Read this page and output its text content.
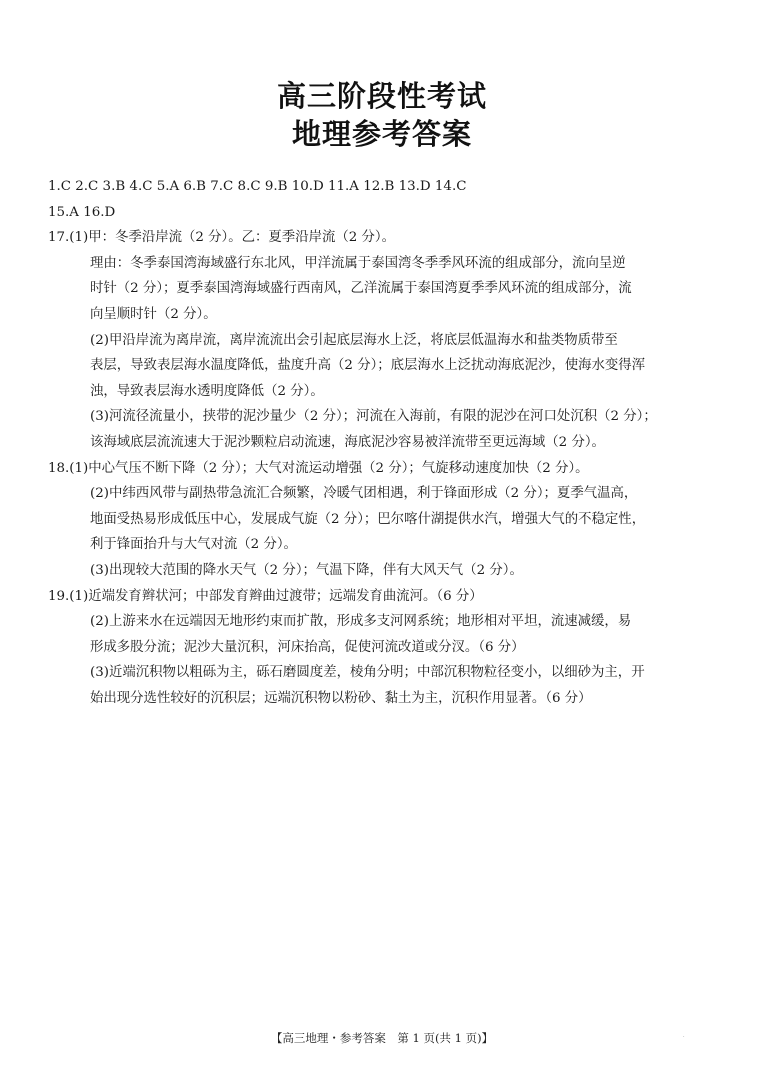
高三阶段性考试
地理参考答案
1.C 2.C 3.B 4.C 5.A 6.B 7.C 8.C 9.B 10.D 11.A 12.B 13.D 14.C
15.A 16.D
17.(1)甲：冬季沿岸流（2 分）。乙：夏季沿岸流（2 分）。
理由：冬季泰国湾海域盛行东北风，甲洋流属于泰国湾冬季季风环流的组成部分，流向呈逆
时针（2 分）；夏季泰国湾海域盛行西南风，乙洋流属于泰国湾夏季季风环流的组成部分，流
向呈顺时针（2 分）。
(2)甲沿岸流为离岸流，离岸流流出会引起底层海水上泛，将底层低温海水和盐类物质带至
表层，导致表层海水温度降低，盐度升高（2 分）；底层海水上泛扰动海底泥沙，使海水变得浑
浊，导致表层海水透明度降低（2 分）。
(3)河流径流量小，挟带的泥沙量少（2 分）；河流在入海前，有限的泥沙在河口处沉积（2 分）；
该海域底层流流速大于泥沙颗粒启动流速，海底泥沙容易被洋流带至更远海域（2 分）。
18.(1)中心气压不断下降（2 分）；大气对流运动增强（2 分）；气旋移动速度加快（2 分）。
(2)中纬西风带与副热带急流汇合频繁，冷暖气团相遇，利于锋面形成（2 分）；夏季气温高，
地面受热易形成低压中心，发展成气旋（2 分）；巴尔喀什湖提供水汽，增强大气的不稳定性，
利于锋面抬升与大气对流（2 分）。
(3)出现较大范围的降水天气（2 分）；气温下降，伴有大风天气（2 分）。
19.(1)近端发育辫状河；中部发育辫曲过渡带；远端发育曲流河。（6 分）
(2)上游来水在远端因无地形约束而扩散，形成多支河网系统；地形相对平坦，流速减缓，易
形成多股分流；泥沙大量沉积，河床抬高，促使河流改道或分汊。（6 分）
(3)近端沉积物以粗砾为主，砾石磨圆度差，棱角分明；中部沉积物粒径变小，以细砂为主，开
始出现分选性较好的沉积层；远端沉积物以粉砂、黏土为主，沉积作用显著。（6 分）
【高三地理・参考答案　第 1 页(共 1 页)】	·
